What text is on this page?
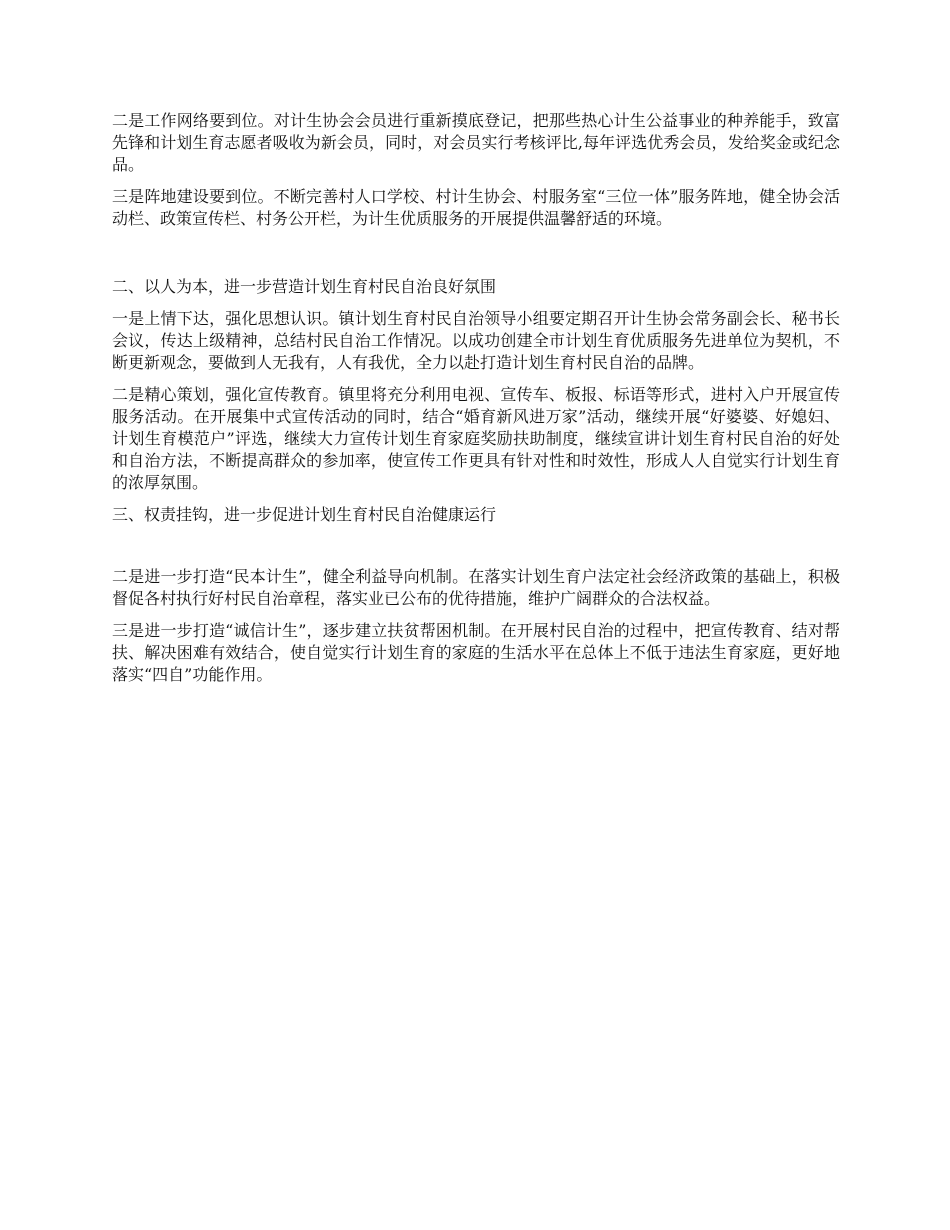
二是工作网络要到位。对计生协会会员进行重新摸底登记，把那些热心计生公益事业的种养能手，致富先锋和计划生育志愿者吸收为新会员，同时，对会员实行考核评比,每年评选优秀会员，发给奖金或纪念品。

三是阵地建设要到位。不断完善村人口学校、村计生协会、村服务室“三位一体”服务阵地，健全协会活动栏、政策宣传栏、村务公开栏，为计生优质服务的开展提供温馨舒适的环境。

二、以人为本，进一步营造计划生育村民自治良好氛围

一是上情下达，强化思想认识。镇计划生育村民自治领导小组要定期召开计生协会常务副会长、秘书长会议，传达上级精神，总结村民自治工作情况。以成功创建全市计划生育优质服务先进单位为契机，不断更新观念，要做到人无我有，人有我优，全力以赴打造计划生育村民自治的品牌。

二是精心策划，强化宣传教育。镇里将充分利用电视、宣传车、板报、标语等形式，进村入户开展宣传服务活动。在开展集中式宣传活动的同时，结合“婚育新风进万家”活动，继续开展“好婆婆、好媳妇、计划生育模范户”评选，继续大力宣传计划生育家庭奖励扶助制度，继续宣讲计划生育村民自治的好处和自治方法，不断提高群众的参加率，使宣传工作更具有针对性和时效性，形成人人自觉实行计划生育的浓厚氛围。

三、权责挂钩，进一步促进计划生育村民自治健康运行

二是进一步打造“民本计生”，健全利益导向机制。在落实计划生育户法定社会经济政策的基础上，积极督促各村执行好村民自治章程，落实业已公布的优待措施，维护广阔群众的合法权益。

三是进一步打造“诚信计生”，逐步建立扶贫帮困机制。在开展村民自治的过程中，把宣传教育、结对帮扶、解决困难有效结合，使自觉实行计划生育的家庭的生活水平在总体上不低于违法生育家庭，更好地落实“四自”功能作用。
